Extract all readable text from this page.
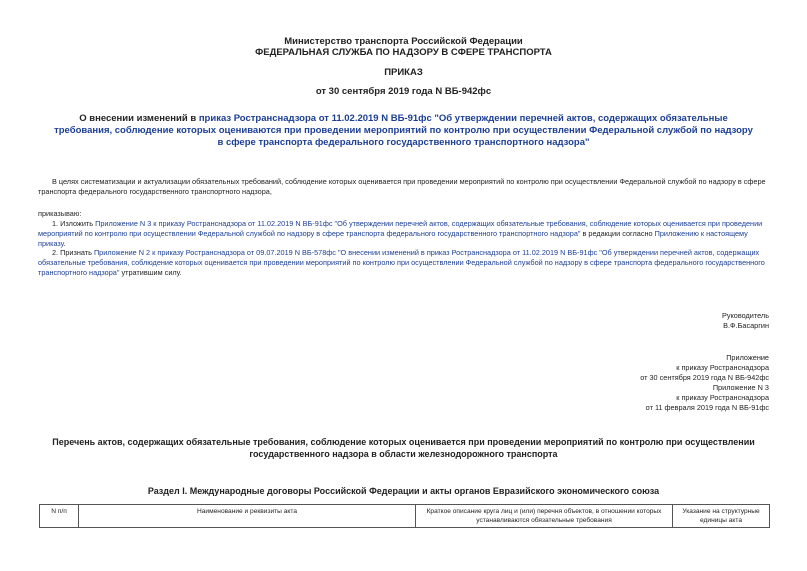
Министерство транспорта Российской Федерации
ФЕДЕРАЛЬНАЯ СЛУЖБА ПО НАДЗОРУ В СФЕРЕ ТРАНСПОРТА
ПРИКАЗ
от 30 сентября 2019 года N ВБ-942фс
О внесении изменений в приказ Ространснадзора от 11.02.2019 N ВБ-91фс "Об утверждении перечней актов, содержащих обязательные требования, соблюдение которых оцениваются при проведении мероприятий по контролю при осуществлении Федеральной службой по надзору в сфере транспорта федерального государственного транспортного надзора"
В целях систематизации и актуализации обязательных требований, соблюдение которых оценивается при проведении мероприятий по контролю при осуществлении Федеральной службой по надзору в сфере транспорта федерального государственного транспортного надзора,
приказываю:
1. Изложить Приложение N 3 к приказу Ространснадзора от 11.02.2019 N ВБ-91фс "Об утверждении перечней актов, содержащих обязательные требования, соблюдение которых оценивается при проведении мероприятий по контролю при осуществлении Федеральной службой по надзору в сфере транспорта федерального государственного транспортного надзора" в редакции согласно Приложению к настоящему приказу.
2. Признать Приложение N 2 к приказу Ространснадзора от 09.07.2019 N ВБ-578фс "О внесении изменений в приказ Ространснадзора от 11.02.2019 N ВБ-91фс "Об утверждении перечней актов, содержащих обязательные требования, соблюдение которых оценивается при проведении мероприятий по контролю при осуществлении Федеральной службой по надзору в сфере транспорта федерального государственного транспортного надзора" утратившим силу.
Руководитель
В.Ф.Басаргин
Приложение
к приказу Ространснадзора
от 30 сентября 2019 года N ВБ-942фс
Приложение N 3
к приказу Ространснадзора
от 11 февраля 2019 года N ВБ-91фс
Перечень актов, содержащих обязательные требования, соблюдение которых оценивается при проведении мероприятий по контролю при осуществлении государственного надзора в области железнодорожного транспорта
Раздел I. Международные договоры Российской Федерации и акты органов Евразийского экономического союза
N п/п	Наименование и реквизиты акта	Краткое описание круга лиц и (или) перечня объектов, в отношении которых устанавливаются обязательные требования	Указание на структурные единицы акта
